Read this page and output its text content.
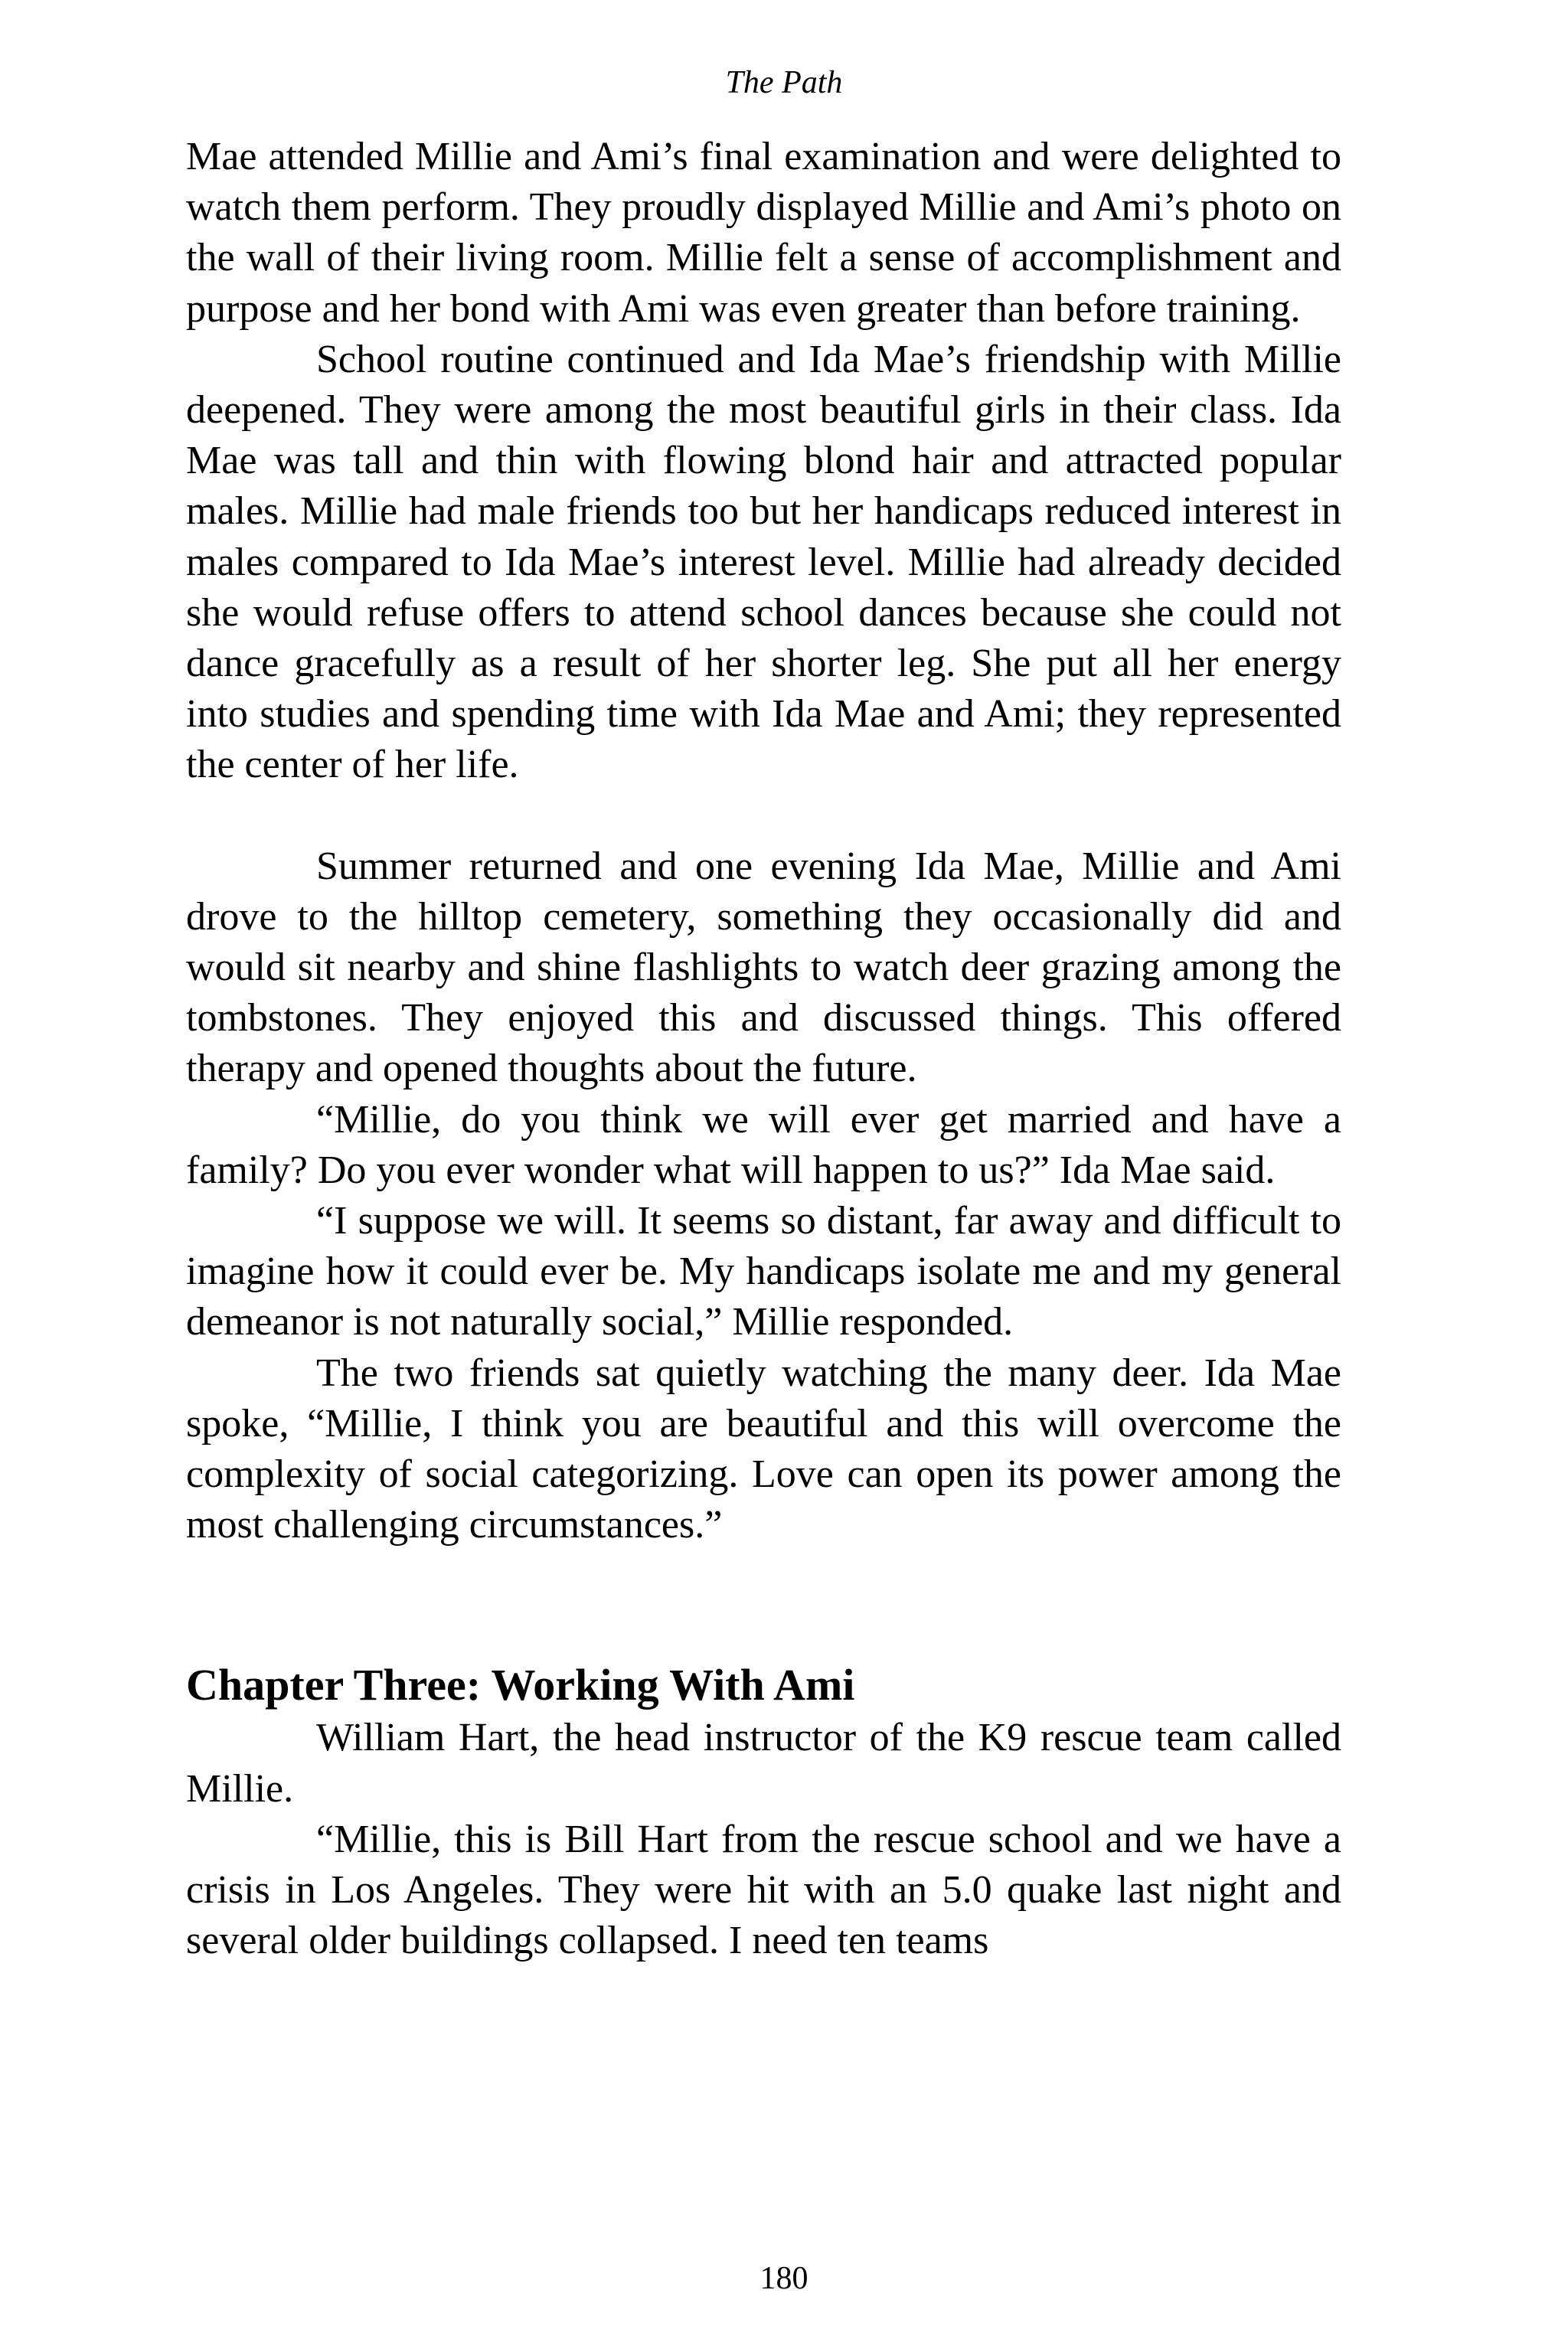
The Path

Mae attended Millie and Ami’s final examination and were delighted to watch them perform. They proudly displayed Millie and Ami’s photo on the wall of their living room. Millie felt a sense of accomplishment and purpose and her bond with Ami was even greater than before training.

School routine continued and Ida Mae’s friendship with Millie deepened. They were among the most beautiful girls in their class. Ida Mae was tall and thin with flowing blond hair and attracted popular males. Millie had male friends too but her handicaps reduced interest in males compared to Ida Mae’s interest level. Millie had already decided she would refuse offers to attend school dances because she could not dance gracefully as a result of her shorter leg. She put all her energy into studies and spending time with Ida Mae and Ami; they represented the center of her life.

Summer returned and one evening Ida Mae, Millie and Ami drove to the hilltop cemetery, something they occasionally did and would sit nearby and shine flashlights to watch deer grazing among the tombstones. They enjoyed this and discussed things. This offered therapy and opened thoughts about the future.

“Millie, do you think we will ever get married and have a family? Do you ever wonder what will happen to us?” Ida Mae said.

“I suppose we will. It seems so distant, far away and difficult to imagine how it could ever be. My handicaps isolate me and my general demeanor is not naturally social,” Millie responded.

The two friends sat quietly watching the many deer. Ida Mae spoke, “Millie, I think you are beautiful and this will overcome the complexity of social categorizing. Love can open its power among the most challenging circumstances.”

Chapter Three: Working With Ami

William Hart, the head instructor of the K9 rescue team called Millie.

“Millie, this is Bill Hart from the rescue school and we have a crisis in Los Angeles. They were hit with an 5.0 quake last night and several older buildings collapsed. I need ten teams

180
